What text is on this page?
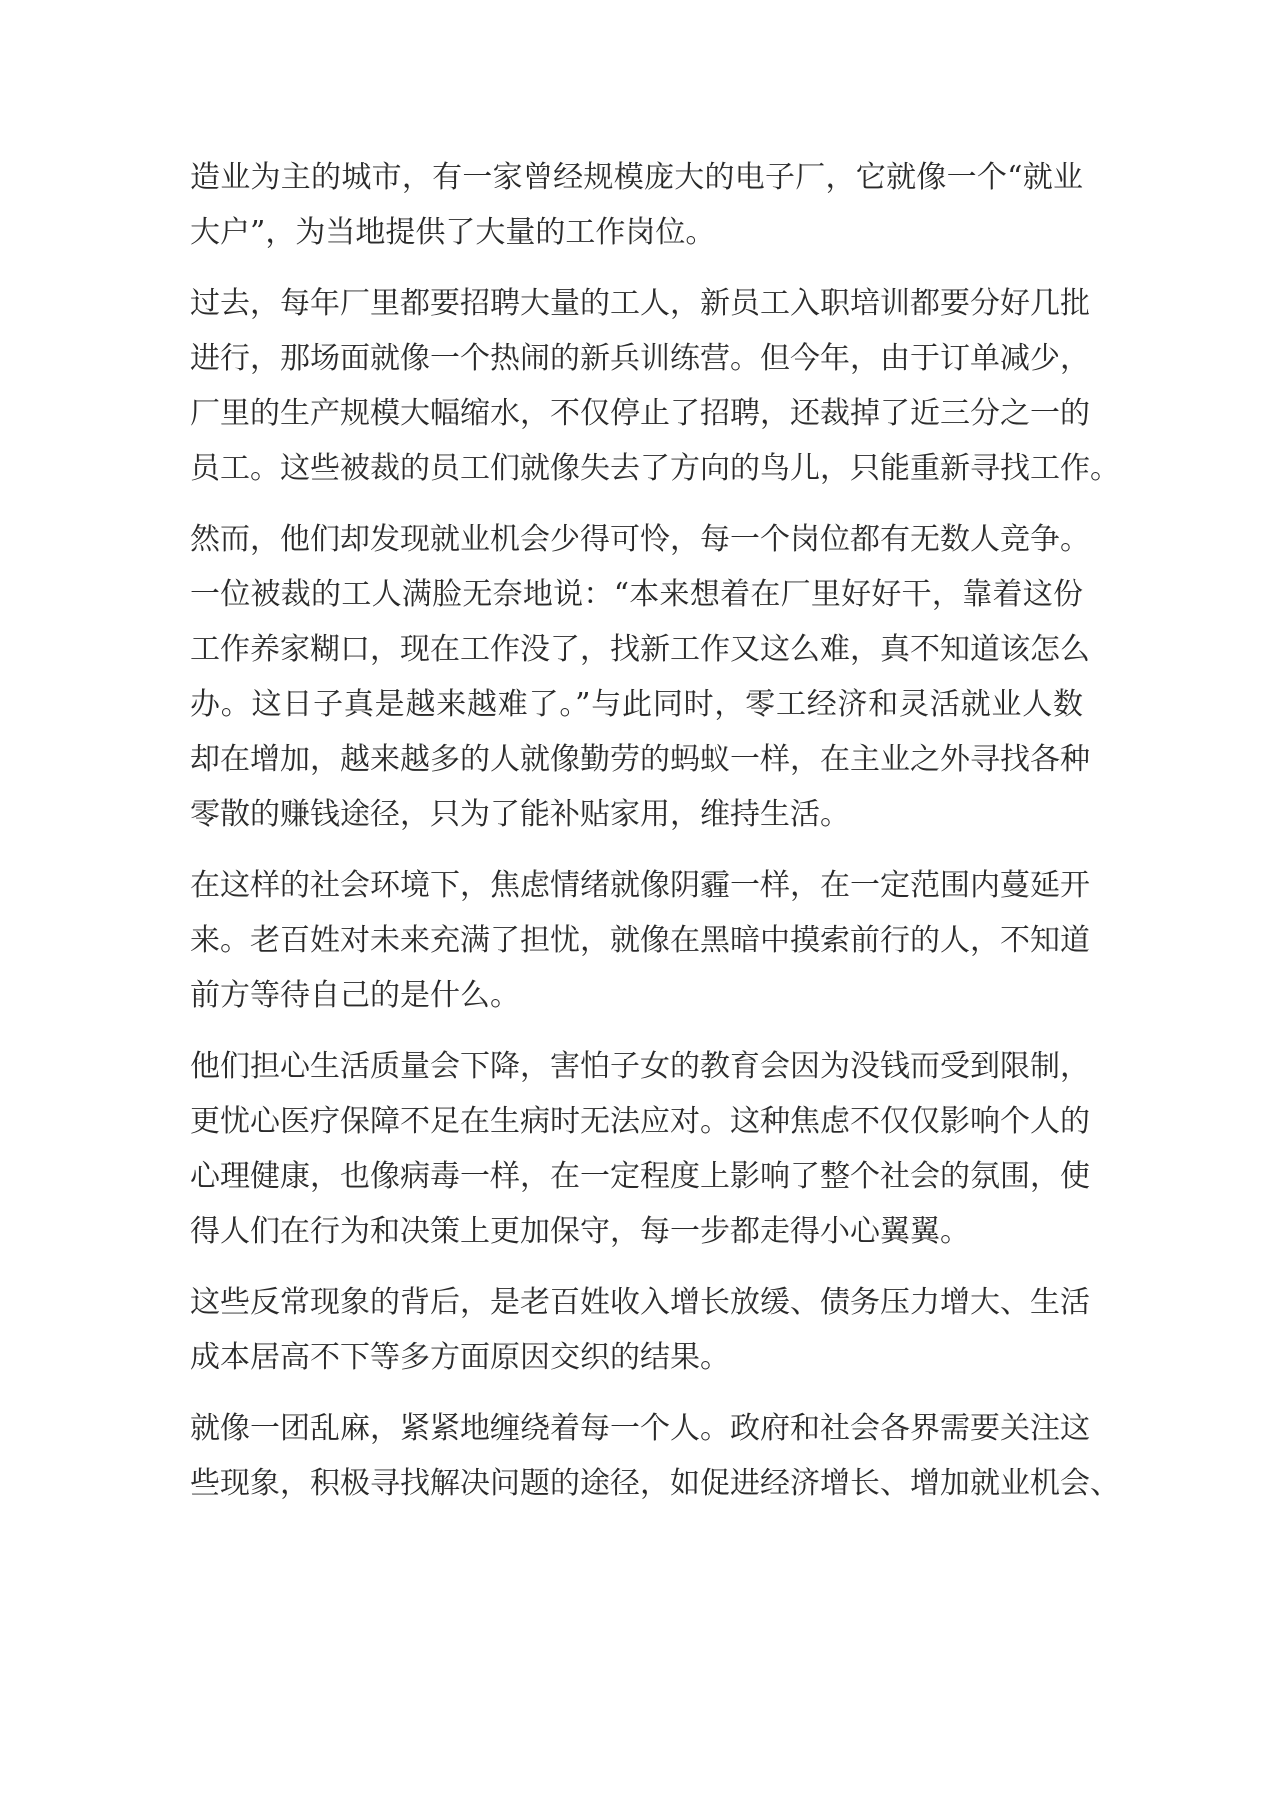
造业为主的城市，有一家曾经规模庞大的电子厂，它就像一个“就业
大户”，为当地提供了大量的工作岗位。

过去，每年厂里都要招聘大量的工人，新员工入职培训都要分好几批
进行，那场面就像一个热闹的新兵训练营。但今年，由于订单减少，
厂里的生产规模大幅缩水，不仅停止了招聘，还裁掉了近三分之一的
员工。这些被裁的员工们就像失去了方向的鸟儿，只能重新寻找工作。

然而，他们却发现就业机会少得可怜，每一个岗位都有无数人竞争。
一位被裁的工人满脸无奈地说：“本来想着在厂里好好干，靠着这份
工作养家糊口，现在工作没了，找新工作又这么难，真不知道该怎么
办。这日子真是越来越难了。”与此同时，零工经济和灵活就业人数
却在增加，越来越多的人就像勤劳的蚂蚁一样，在主业之外寻找各种
零散的赚钱途径，只为了能补贴家用，维持生活。

在这样的社会环境下，焦虑情绪就像阴霾一样，在一定范围内蔓延开
来。老百姓对未来充满了担忧，就像在黑暗中摸索前行的人，不知道
前方等待自己的是什么。

他们担心生活质量会下降，害怕子女的教育会因为没钱而受到限制，
更忧心医疗保障不足在生病时无法应对。这种焦虑不仅仅影响个人的
心理健康，也像病毒一样，在一定程度上影响了整个社会的氛围，使
得人们在行为和决策上更加保守，每一步都走得小心翼翼。

这些反常现象的背后，是老百姓收入增长放缓、债务压力增大、生活
成本居高不下等多方面原因交织的结果。

就像一团乱麻，紧紧地缠绕着每一个人。政府和社会各界需要关注这
些现象，积极寻找解决问题的途径，如促进经济增长、增加就业机会、
